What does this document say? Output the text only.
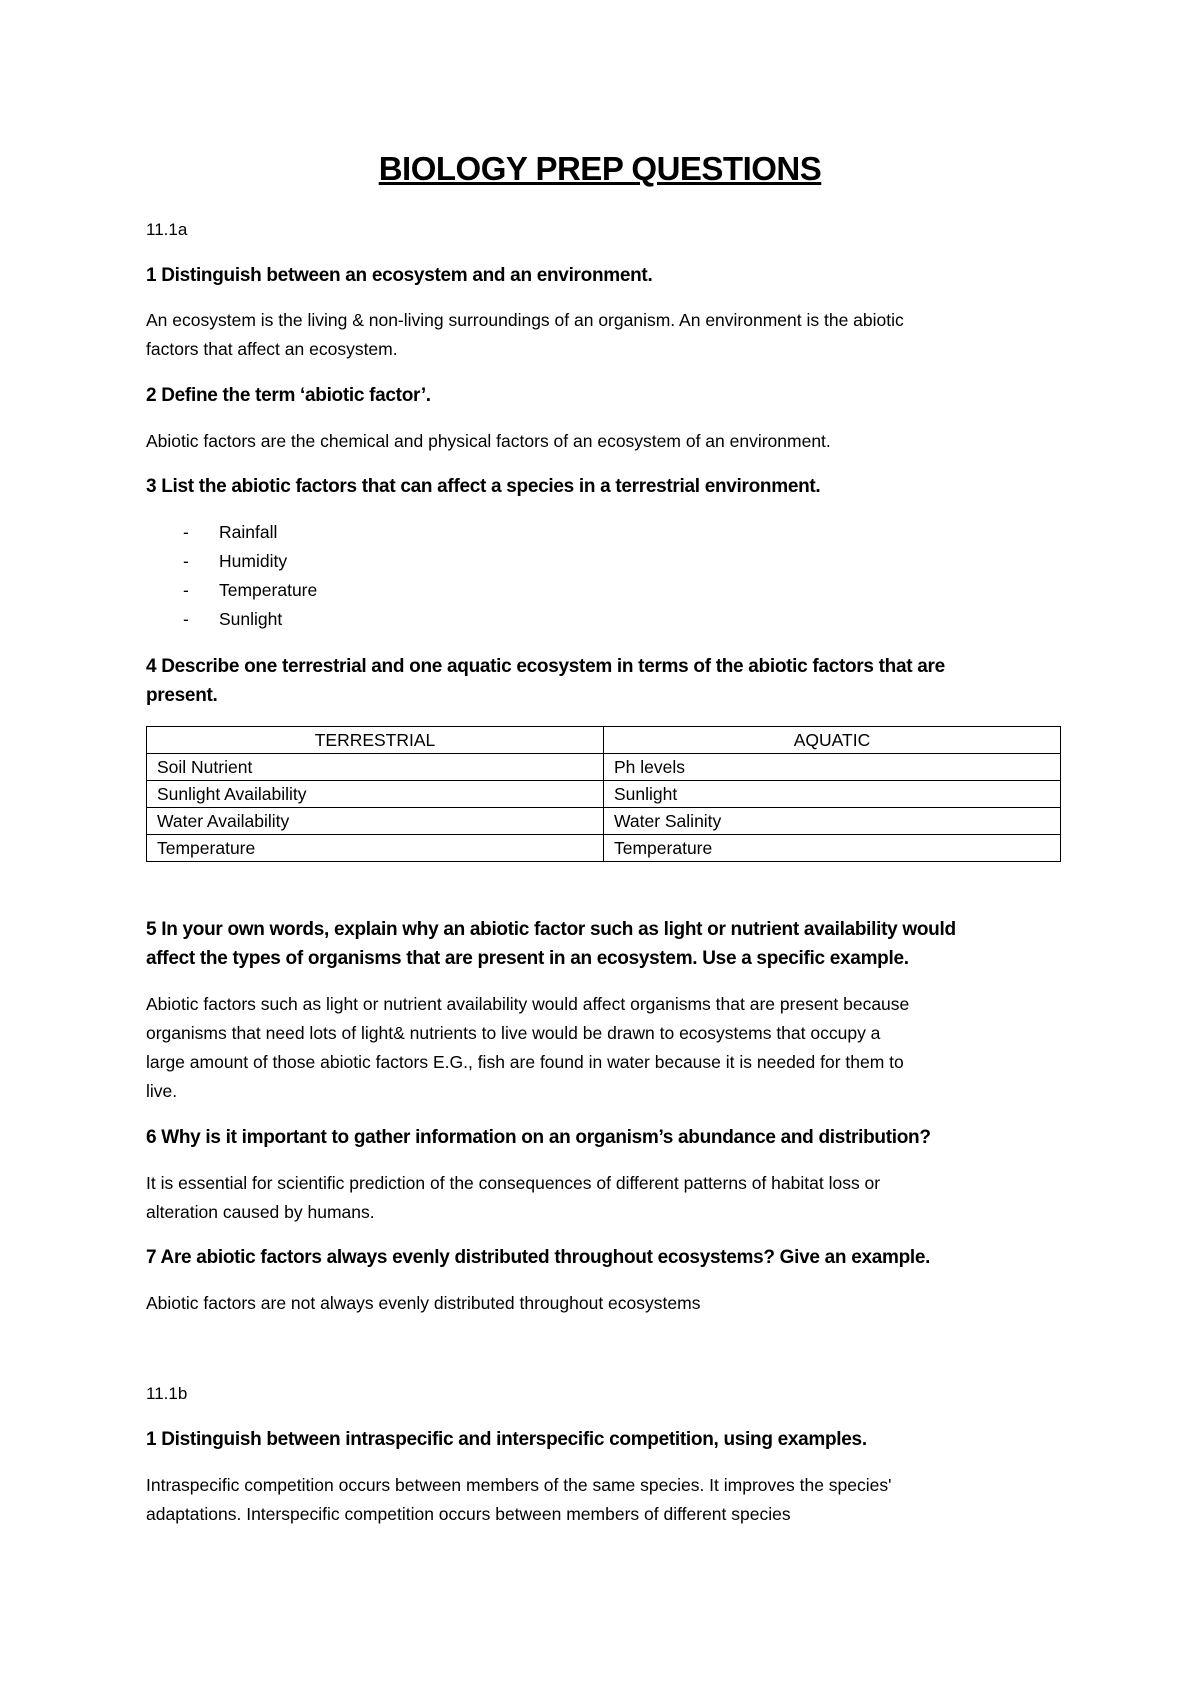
BIOLOGY PREP QUESTIONS

11.1a

1 Distinguish between an ecosystem and an environment.

An ecosystem is the living & non-living surroundings of an organism. An environment is the abiotic

factors that affect an ecosystem.

2 Define the term ‘abiotic factor’.

Abiotic factors are the chemical and physical factors of an ecosystem of an environment.

3 List the abiotic factors that can affect a species in a terrestrial environment.

- Rainfall
- Humidity
- Temperature
- Sunlight

4 Describe one terrestrial and one aquatic ecosystem in terms of the abiotic factors that are

present.

TERRESTRIAL	AQUATIC
Soil Nutrient	Ph levels
Sunlight Availability	Sunlight
Water Availability	Water Salinity
Temperature	Temperature

5 In your own words, explain why an abiotic factor such as light or nutrient availability would

affect the types of organisms that are present in an ecosystem. Use a specific example.

Abiotic factors such as light or nutrient availability would affect organisms that are present because

organisms that need lots of light& nutrients to live would be drawn to ecosystems that occupy a

large amount of those abiotic factors E.G., fish are found in water because it is needed for them to

live.

6 Why is it important to gather information on an organism’s abundance and distribution?

It is essential for scientific prediction of the consequences of different patterns of habitat loss or

alteration caused by humans.

7 Are abiotic factors always evenly distributed throughout ecosystems? Give an example.

Abiotic factors are not always evenly distributed throughout ecosystems

11.1b

1 Distinguish between intraspecific and interspecific competition, using examples.

Intraspecific competition occurs between members of the same species. It improves the species'

adaptations. Interspecific competition occurs between members of different species
